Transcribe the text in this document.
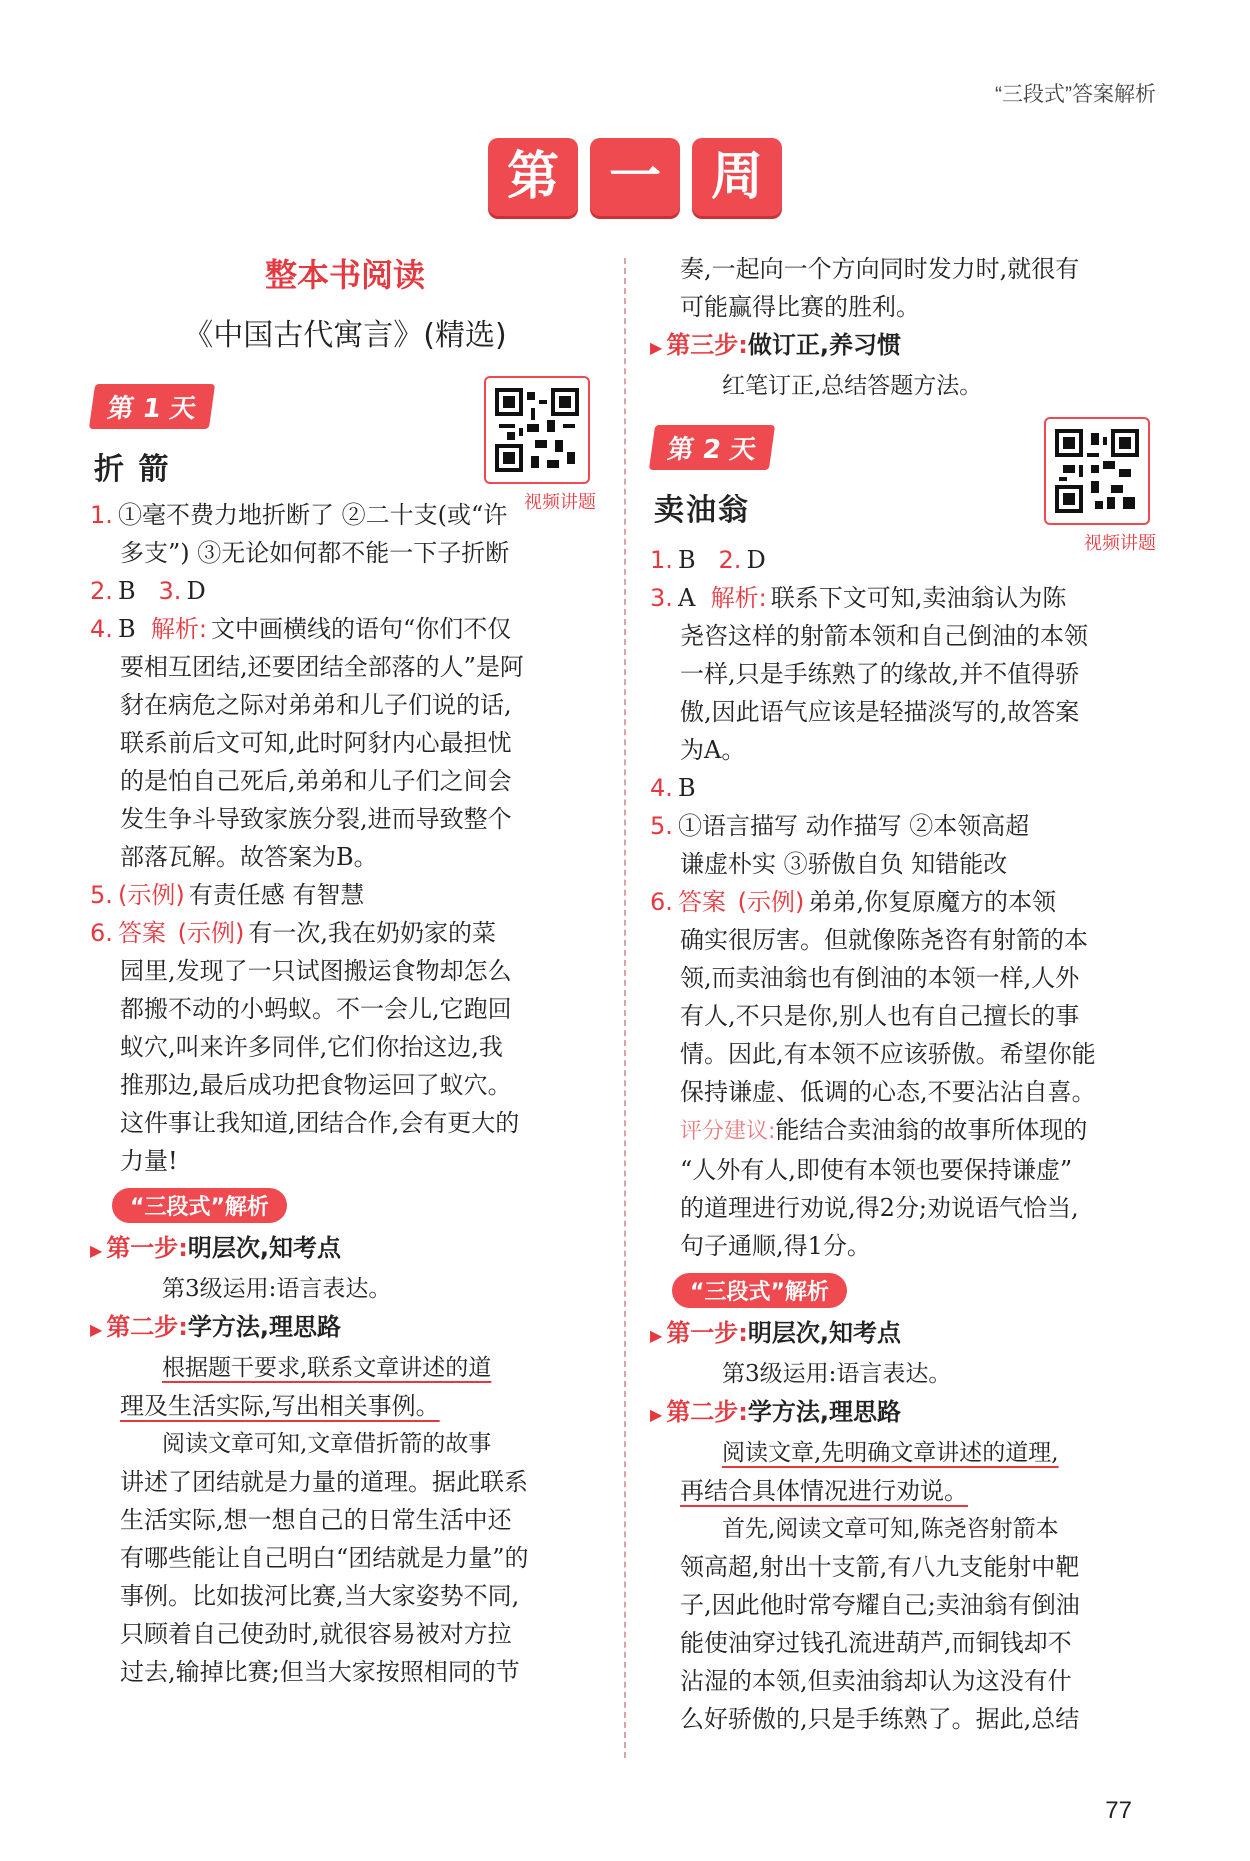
“三段式”答案解析
第 一 周

整本书阅读

《中国古代寓言》(精选)

第 1 天
折 箭
视频讲题

1. ①毫不费力地折断了 ②二十支(或“许

多支”) ③无论如何都不能一下子折断

2. B 3. D

4. B 解析: 文中画横线的语句“你们不仅

要相互团结,还要团结全部落的人”是阿

豺在病危之际对弟弟和儿子们说的话,

联系前后文可知,此时阿豺内心最担忧

的是怕自己死后,弟弟和儿子们之间会

发生争斗导致家族分裂,进而导致整个

部落瓦解。故答案为B。

5. (示例) 有责任感 有智慧

6. 答案 (示例) 有一次,我在奶奶家的菜

园里,发现了一只试图搬运食物却怎么

都搬不动的小蚂蚁。不一会儿,它跑回

蚁穴,叫来许多同伴,它们你抬这边,我

推那边,最后成功把食物运回了蚁穴。

这件事让我知道,团结合作,会有更大的

力量!

“三段式”解析

▶ 第一步:明层次,知考点

第3级运用:语言表达。

▶ 第二步:学方法,理思路

根据题干要求,联系文章讲述的道

理及生活实际,写出相关事例。

阅读文章可知,文章借折箭的故事

讲述了团结就是力量的道理。据此联系

生活实际,想一想自己的日常生活中还

有哪些能让自己明白“团结就是力量”的

事例。比如拔河比赛,当大家姿势不同,

只顾着自己使劲时,就很容易被对方拉

过去,输掉比赛;但当大家按照相同的节

奏,一起向一个方向同时发力时,就很有

可能赢得比赛的胜利。

▶ 第三步:做订正,养习惯

红笔订正,总结答题方法。

第 2 天
卖油翁
视频讲题

1. B 2. D

3. A 解析: 联系下文可知,卖油翁认为陈

尧咨这样的射箭本领和自己倒油的本领

一样,只是手练熟了的缘故,并不值得骄

傲,因此语气应该是轻描淡写的,故答案

为A。

4. B

5. ①语言描写 动作描写 ②本领高超

谦虚朴实 ③骄傲自负 知错能改

6. 答案 (示例) 弟弟,你复原魔方的本领

确实很厉害。但就像陈尧咨有射箭的本

领,而卖油翁也有倒油的本领一样,人外

有人,不只是你,别人也有自己擅长的事

情。因此,有本领不应该骄傲。希望你能

保持谦虚、低调的心态,不要沾沾自喜。

评分建议:能结合卖油翁的故事所体现的

“人外有人,即使有本领也要保持谦虚”

的道理进行劝说,得2分;劝说语气恰当,

句子通顺,得1分。

“三段式”解析

▶ 第一步:明层次,知考点

第3级运用:语言表达。

▶ 第二步:学方法,理思路

阅读文章,先明确文章讲述的道理,

再结合具体情况进行劝说。

首先,阅读文章可知,陈尧咨射箭本

领高超,射出十支箭,有八九支能射中靶

子,因此他时常夸耀自己;卖油翁有倒油

能使油穿过钱孔流进葫芦,而铜钱却不

沾湿的本领,但卖油翁却认为这没有什

么好骄傲的,只是手练熟了。据此,总结

77
